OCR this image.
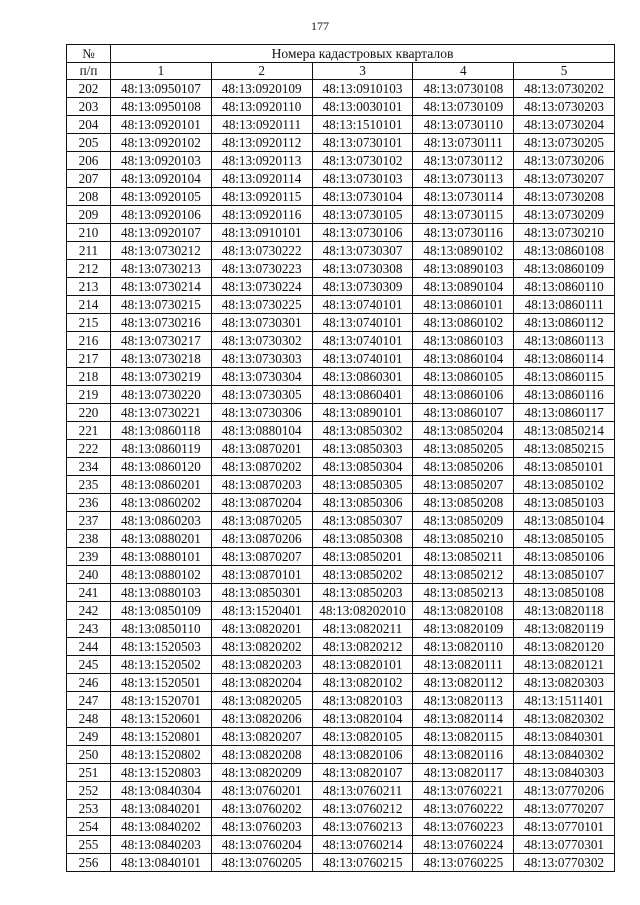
177
№	Номера кадастровых кварталов				
п/п	1	2	3	4	5
202	48:13:0950107	48:13:0920109	48:13:0910103	48:13:0730108	48:13:0730202
203	48:13:0950108	48:13:0920110	48:13:0030101	48:13:0730109	48:13:0730203
204	48:13:0920101	48:13:0920111	48:13:1510101	48:13:0730110	48:13:0730204
205	48:13:0920102	48:13:0920112	48:13:0730101	48:13:0730111	48:13:0730205
206	48:13:0920103	48:13:0920113	48:13:0730102	48:13:0730112	48:13:0730206
207	48:13:0920104	48:13:0920114	48:13:0730103	48:13:0730113	48:13:0730207
208	48:13:0920105	48:13:0920115	48:13:0730104	48:13:0730114	48:13:0730208
209	48:13:0920106	48:13:0920116	48:13:0730105	48:13:0730115	48:13:0730209
210	48:13:0920107	48:13:0910101	48:13:0730106	48:13:0730116	48:13:0730210
211	48:13:0730212	48:13:0730222	48:13:0730307	48:13:0890102	48:13:0860108
212	48:13:0730213	48:13:0730223	48:13:0730308	48:13:0890103	48:13:0860109
213	48:13:0730214	48:13:0730224	48:13:0730309	48:13:0890104	48:13:0860110
214	48:13:0730215	48:13:0730225	48:13:0740101	48:13:0860101	48:13:0860111
215	48:13:0730216	48:13:0730301	48:13:0740101	48:13:0860102	48:13:0860112
216	48:13:0730217	48:13:0730302	48:13:0740101	48:13:0860103	48:13:0860113
217	48:13:0730218	48:13:0730303	48:13:0740101	48:13:0860104	48:13:0860114
218	48:13:0730219	48:13:0730304	48:13:0860301	48:13:0860105	48:13:0860115
219	48:13:0730220	48:13:0730305	48:13:0860401	48:13:0860106	48:13:0860116
220	48:13:0730221	48:13:0730306	48:13:0890101	48:13:0860107	48:13:0860117
221	48:13:0860118	48:13:0880104	48:13:0850302	48:13:0850204	48:13:0850214
222	48:13:0860119	48:13:0870201	48:13:0850303	48:13:0850205	48:13:0850215
234	48:13:0860120	48:13:0870202	48:13:0850304	48:13:0850206	48:13:0850101
235	48:13:0860201	48:13:0870203	48:13:0850305	48:13:0850207	48:13:0850102
236	48:13:0860202	48:13:0870204	48:13:0850306	48:13:0850208	48:13:0850103
237	48:13:0860203	48:13:0870205	48:13:0850307	48:13:0850209	48:13:0850104
238	48:13:0880201	48:13:0870206	48:13:0850308	48:13:0850210	48:13:0850105
239	48:13:0880101	48:13:0870207	48:13:0850201	48:13:0850211	48:13:0850106
240	48:13:0880102	48:13:0870101	48:13:0850202	48:13:0850212	48:13:0850107
241	48:13:0880103	48:13:0850301	48:13:0850203	48:13:0850213	48:13:0850108
242	48:13:0850109	48:13:1520401	48:13:08202010	48:13:0820108	48:13:0820118
243	48:13:0850110	48:13:0820201	48:13:0820211	48:13:0820109	48:13:0820119
244	48:13:1520503	48:13:0820202	48:13:0820212	48:13:0820110	48:13:0820120
245	48:13:1520502	48:13:0820203	48:13:0820101	48:13:0820111	48:13:0820121
246	48:13:1520501	48:13:0820204	48:13:0820102	48:13:0820112	48:13:0820303
247	48:13:1520701	48:13:0820205	48:13:0820103	48:13:0820113	48:13:1511401
248	48:13:1520601	48:13:0820206	48:13:0820104	48:13:0820114	48:13:0820302
249	48:13:1520801	48:13:0820207	48:13:0820105	48:13:0820115	48:13:0840301
250	48:13:1520802	48:13:0820208	48:13:0820106	48:13:0820116	48:13:0840302
251	48:13:1520803	48:13:0820209	48:13:0820107	48:13:0820117	48:13:0840303
252	48:13:0840304	48:13:0760201	48:13:0760211	48:13:0760221	48:13:0770206
253	48:13:0840201	48:13:0760202	48:13:0760212	48:13:0760222	48:13:0770207
254	48:13:0840202	48:13:0760203	48:13:0760213	48:13:0760223	48:13:0770101
255	48:13:0840203	48:13:0760204	48:13:0760214	48:13:0760224	48:13:0770301
256	48:13:0840101	48:13:0760205	48:13:0760215	48:13:0760225	48:13:0770302
